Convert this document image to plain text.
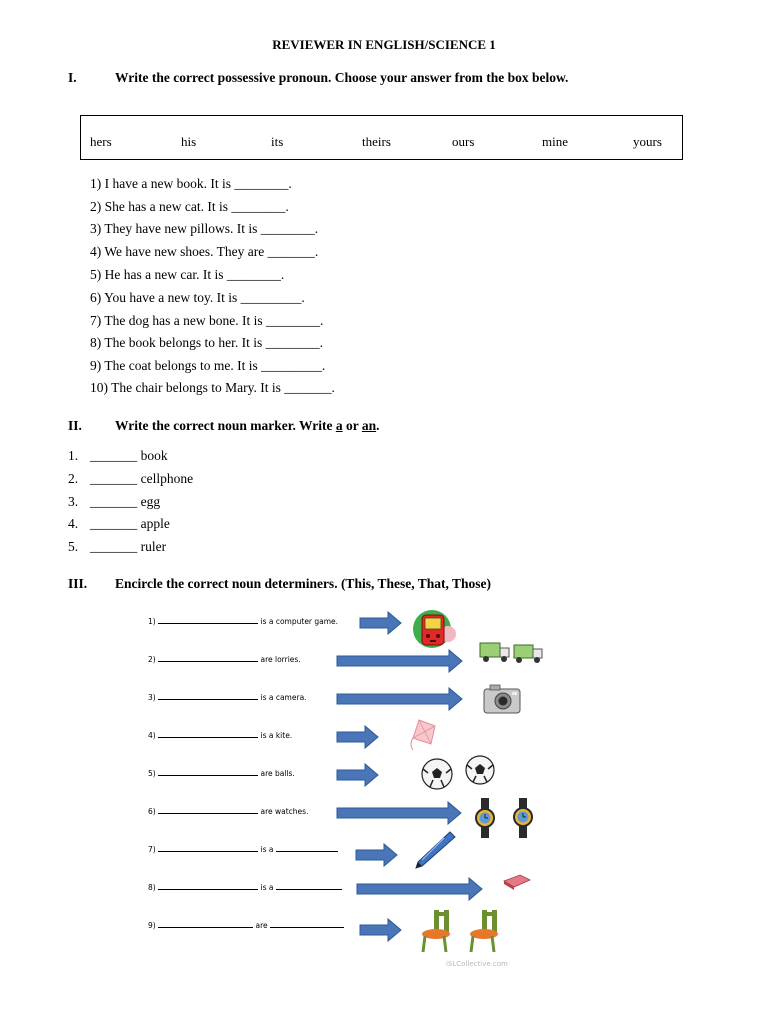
REVIEWER IN ENGLISH/SCIENCE 1
I.	Write the correct possessive pronoun. Choose your answer from the box below.
hers	his	its	theirs	ours	mine	yours
1) I have a new book. It is ________.
2) She has a new cat. It is ________.
3) They have new pillows. It is ________.
4) We have new shoes. They are _______.
5) He has a new car. It is ________.
6) You have a new toy. It is _________.
7) The dog has a new bone. It is ________.
8) The book belongs to her. It is ________.
9) The coat belongs to me. It is _________.
10) The chair belongs to Mary. It is _______.
II. Write the correct noun marker. Write a or an.
1. _______ book
2. _______ cellphone
3. _______ egg
4. _______ apple
5. _______ ruler
III. Encircle the correct noun determiners. (This, These, That, Those)
1)	is a computer game.
2)	are lorries.
3)	is a camera.
4)	is a kite.
5)	are balls.
6)	are watches.
7)	is a
8)	is a
9)	are
iSLCollective.com
